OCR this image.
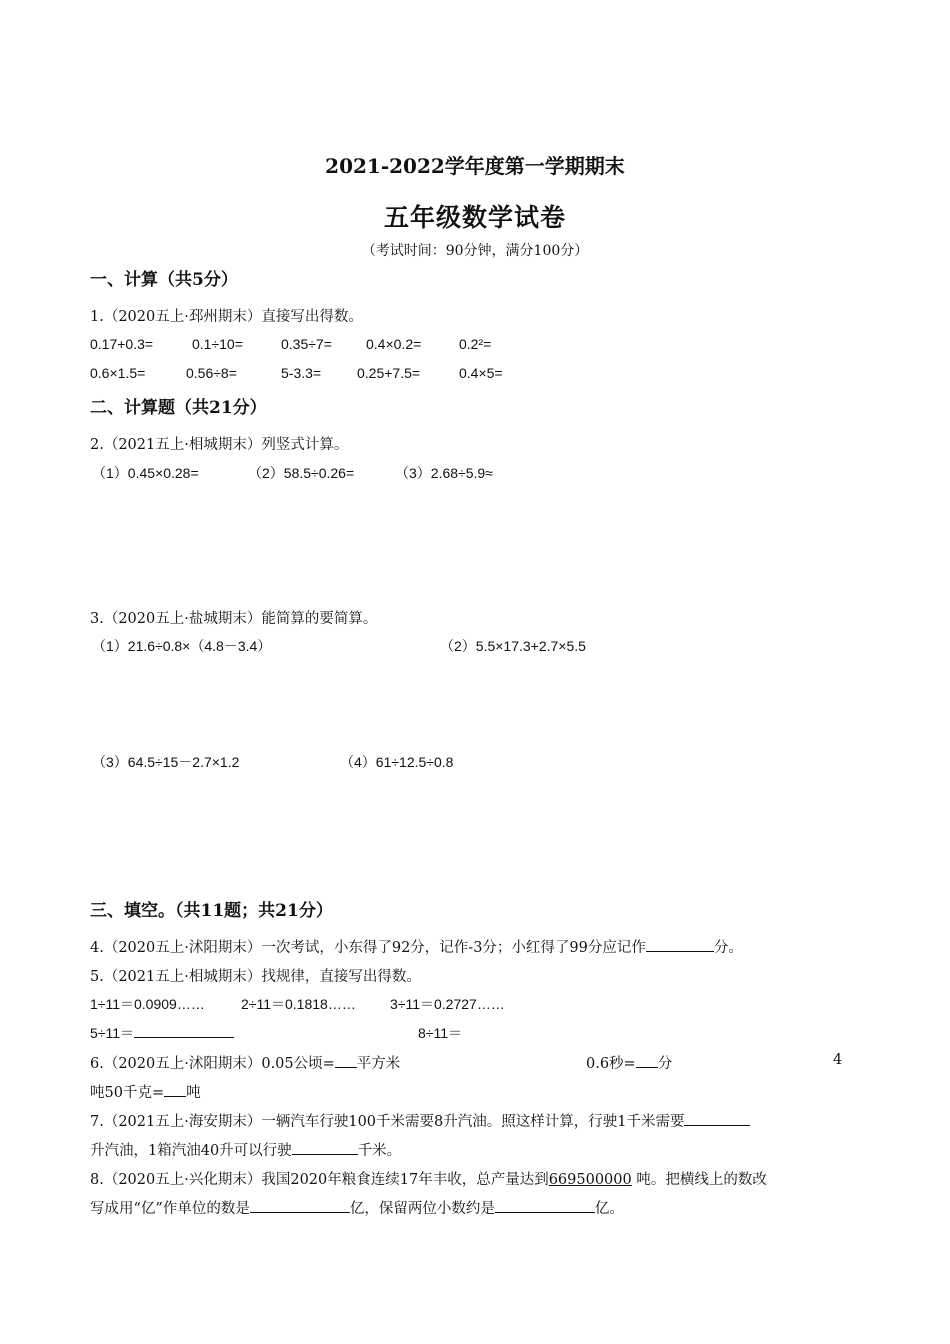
2021-2022学年度第一学期期末
五年级数学试卷
（考试时间：90分钟，满分100分）
一、计算（共5分）
1.（2020五上·邳州期末）直接写出得数。
0.17+0.3=	0.1÷10=	0.35÷7= 0.4×0.2=	0.2²=
0.6×1.5=	0.56÷8=	5-3.3=	0.25+7.5=	0.4×5=
二、计算题（共21分）
2.（2021五上·相城期末）列竖式计算。
（1）0.45×0.28=	（2）58.5÷0.26=	（3）2.68÷5.9≈
3.（2020五上·盐城期末）能简算的要简算。
（1）21.6÷0.8×（4.8－3.4）	（2）5.5×17.3+2.7×5.5
（3）64.5÷15－2.7×1.2	（4）61÷12.5÷0.8
三、填空。（共11题；共21分）
4.（2020五上·沭阳期末）一次考试，小东得了92分，记作-3分；小红得了99分应记作	分。
5.（2021五上·相城期末）找规律，直接写出得数。
1÷11＝0.0909……	2÷11＝0.1818…… 3÷11＝0.2727……
5÷11＝	8÷11＝
6.（2020五上·沭阳期末）0.05公顷= 平方米	0.6秒= 分	4
吨50千克= 吨
7.（2021五上·海安期末）一辆汽车行驶100千米需要8升汽油。照这样计算，行驶1千米需要
升汽油，1箱汽油40升可以行驶	千米。
8.（2020五上·兴化期末）我国2020年粮食连续17年丰收，总产量达到669500000 吨。把横线上的数改
写成用“亿”作单位的数是	亿，保留两位小数约是	亿。
